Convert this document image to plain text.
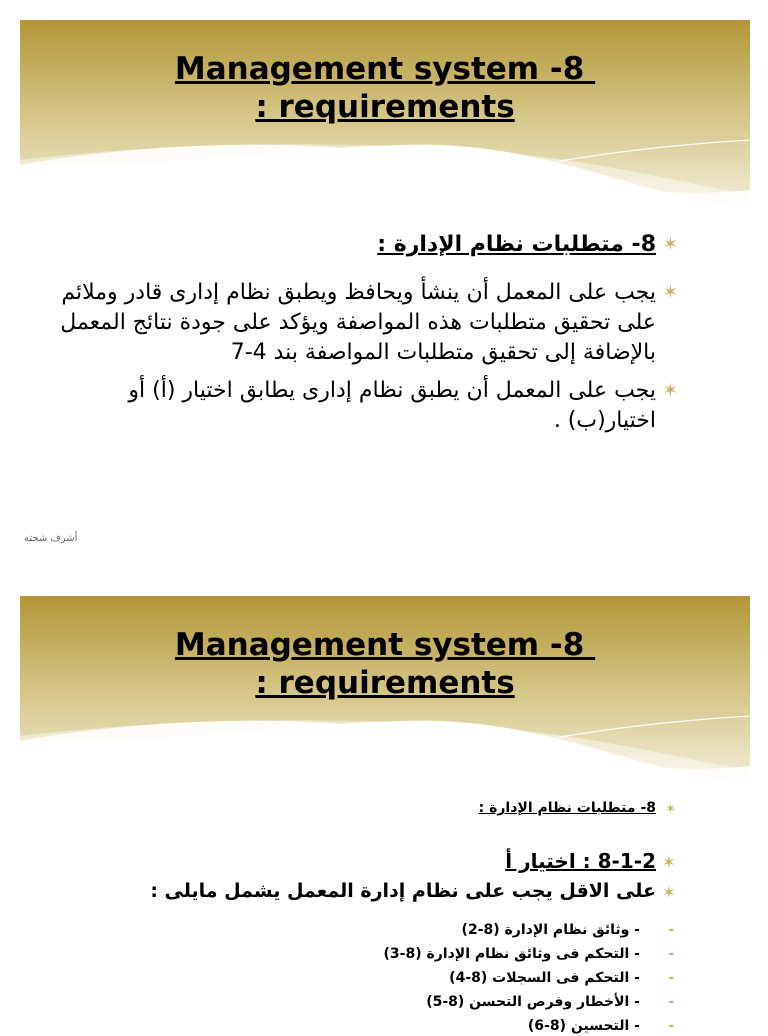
Management system -8
: requirements
✶
8- متطلبات نظام الإدارة :
✶
يجب على المعمل أن ينشأ ويحافظ ويطبق نظام إدارى قادر وملائم على تحقيق متطلبات هذه المواصفة ويؤكد على جودة نتائج المعمل بالإضافة إلى تحقيق متطلبات المواصفة بند 4-7
✶
يجب على المعمل أن يطبق نظام إدارى يطابق اختيار (أ) أو اختيار(ب) .
أشرف شحته
Management system -8
: requirements
✶
8- متطلبات نظام الإدارة :
✶
8-1-2 : اختيار أ
✶
على الاقل يجب على نظام إدارة المعمل يشمل مايلى :
-
- وثائق نظام الإدارة (8-2)
-
- التحكم فى وثائق نظام الإدارة (8-3)
-
- التحكم فى السجلات (8-4)
-
- الأخطار وفرص التحسن (8-5)
-
- التحسين (8-6)
